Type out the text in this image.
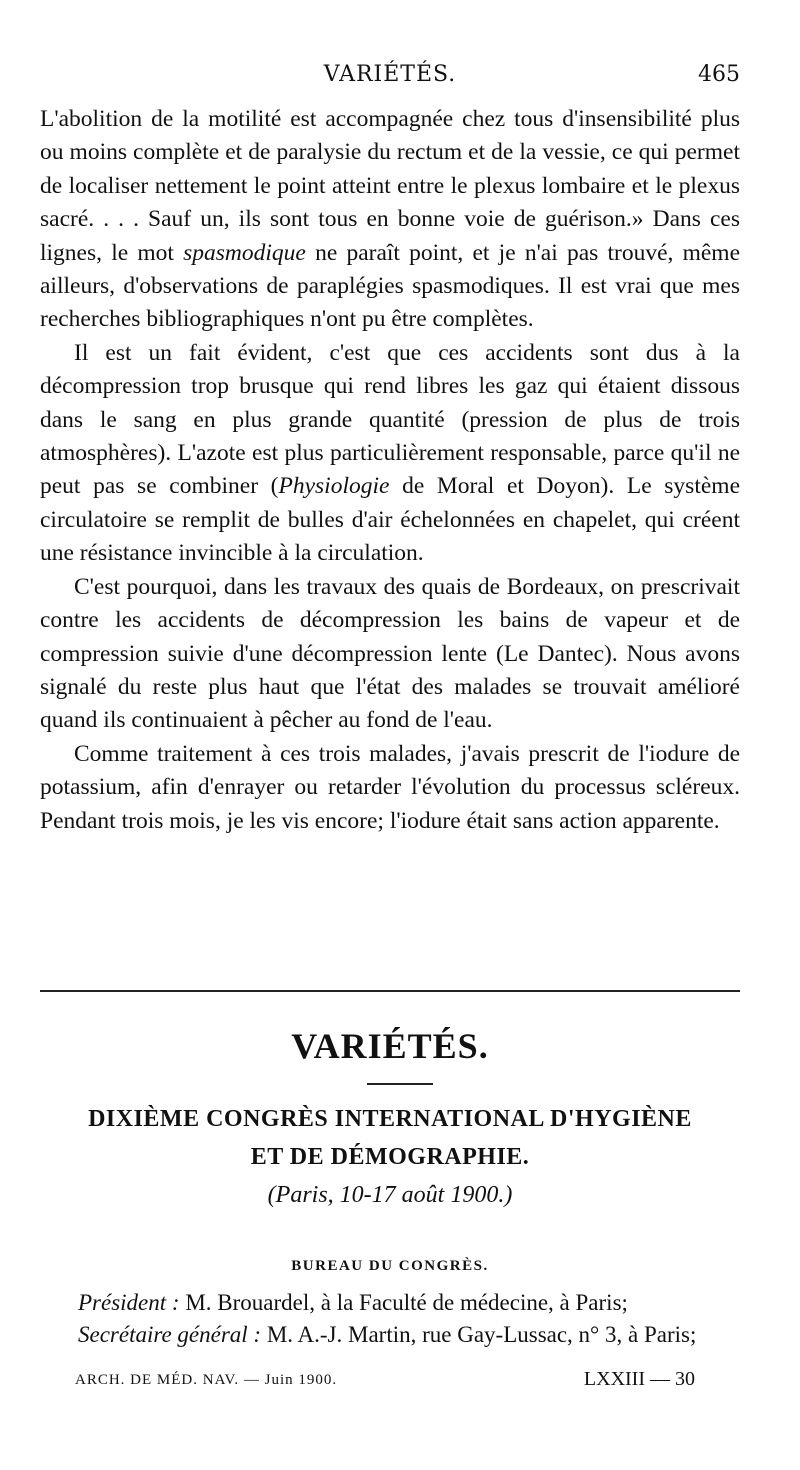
VARIÉTÉS.	465

L'abolition de la motilité est accompagnée chez tous d'insensibilité plus ou moins complète et de paralysie du rectum et de la vessie, ce qui permet de localiser nettement le point atteint entre le plexus lombaire et le plexus sacré. . . . Sauf un, ils sont tous en bonne voie de guérison.» Dans ces lignes, le mot spasmodique ne paraît point, et je n'ai pas trouvé, même ailleurs, d'observations de paraplégies spasmodiques. Il est vrai que mes recherches bibliographiques n'ont pu être complètes.

Il est un fait évident, c'est que ces accidents sont dus à la décompression trop brusque qui rend libres les gaz qui étaient dissous dans le sang en plus grande quantité (pression de plus de trois atmosphères). L'azote est plus particulièrement responsable, parce qu'il ne peut pas se combiner (Physiologie de Moral et Doyon). Le système circulatoire se remplit de bulles d'air échelonnées en chapelet, qui créent une résistance invincible à la circulation.

C'est pourquoi, dans les travaux des quais de Bordeaux, on prescrivait contre les accidents de décompression les bains de vapeur et de compression suivie d'une décompression lente (Le Dantec). Nous avons signalé du reste plus haut que l'état des malades se trouvait amélioré quand ils continuaient à pêcher au fond de l'eau.

Comme traitement à ces trois malades, j'avais prescrit de l'iodure de potassium, afin d'enrayer ou retarder l'évolution du processus scléreux. Pendant trois mois, je les vis encore; l'iodure était sans action apparente.

VARIÉTÉS.
DIXIÈME CONGRÈS INTERNATIONAL D'HYGIÈNE
ET DE DÉMOGRAPHIE.
(Paris, 10-17 août 1900.)
BUREAU DU CONGRÈS.
Président : M. Brouardel, à la Faculté de médecine, à Paris;
Secrétaire général : M. A.-J. Martin, rue Gay-Lussac, n° 3, à Paris;
ARCH. DE MÉD. NAV. — Juin 1900.	LXXIII — 30
